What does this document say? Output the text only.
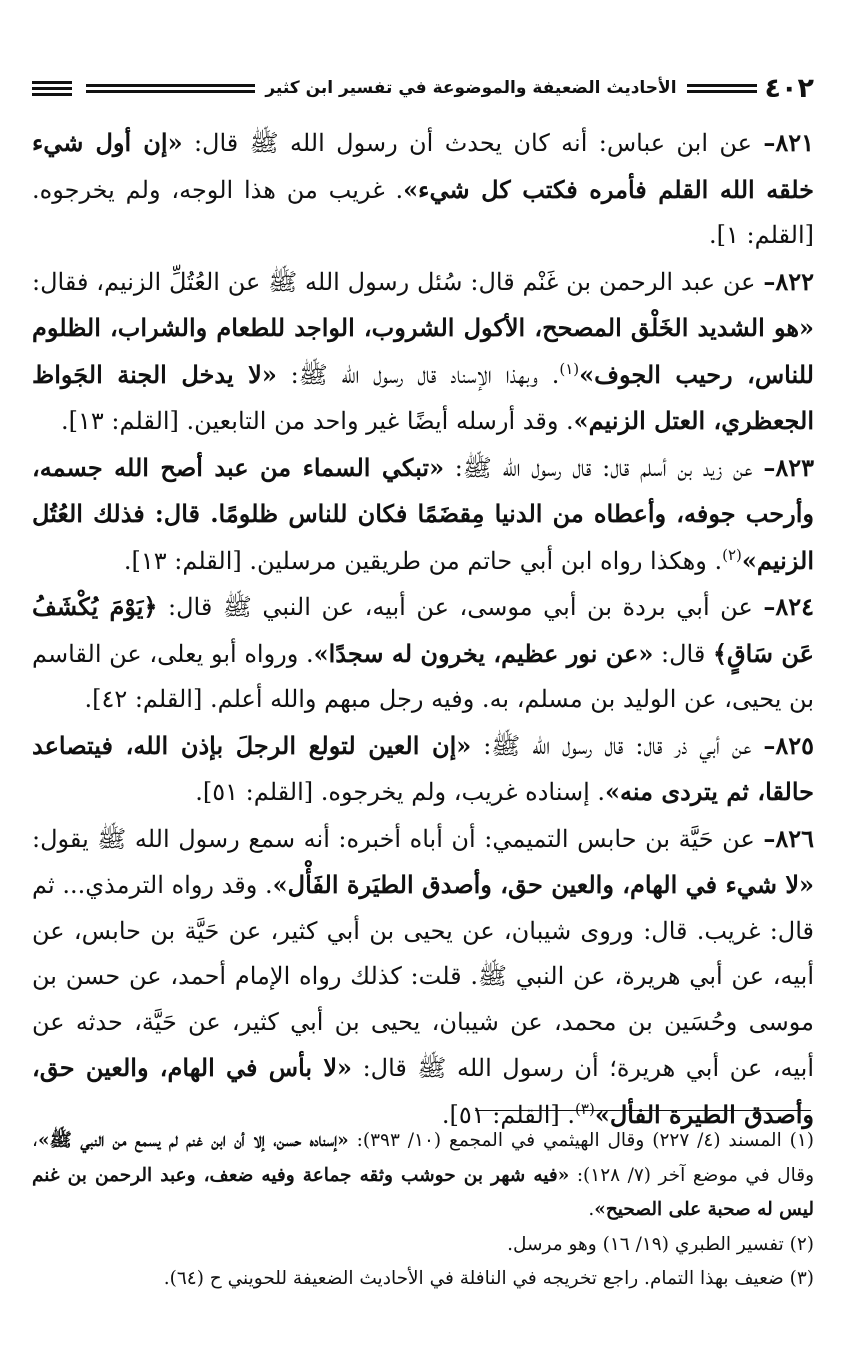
٤٠٢
الأحاديث الضعيفة والموضوعة في تفسير ابن كثير

٨٢١– عن ابن عباس: أنه كان يحدث أن رسول الله ﷺ قال: «إن أول شيء خلقه الله القلم فأمره فكتب كل شيء». غريب من هذا الوجه، ولم يخرجوه. [القلم: ١].

٨٢٢– عن عبد الرحمن بن غَنْم قال: سُئل رسول الله ﷺ عن العُتُلِّ الزنيم، فقال: «هو الشديد الخَلْق المصحح، الأكول الشروب، الواجد للطعام والشراب، الظلوم للناس، رحيب الجوف»$^{(١)}$. وبهذا الإسناد قال رسول الله ﷺ: «لا يدخل الجنة الجَواظ الجعظري، العتل الزنيم». وقد أرسله أيضًا غير واحد من التابعين. [القلم: ١٣].

٨٢٣– عن زيد بن أسلم قال: قال رسول الله ﷺ: «تبكي السماء من عبد أصح الله جسمه، وأرحب جوفه، وأعطاه من الدنيا مِقضَمًا فكان للناس ظلومًا. قال: فذلك العُتُل الزنيم»$^{(٢)}$. وهكذا رواه ابن أبي حاتم من طريقين مرسلين. [القلم: ١٣].

٨٢٤– عن أبي بردة بن أبي موسى، عن أبيه، عن النبي ﷺ قال: ﴿يَوْمَ يُكْشَفُ عَن سَاقٍ﴾ قال: «عن نور عظيم، يخرون له سجدًا». ورواه أبو يعلى، عن القاسم بن يحيى، عن الوليد بن مسلم، به. وفيه رجل مبهم والله أعلم. [القلم: ٤٢].

٨٢٥– عن أبي ذر قال: قال رسول الله ﷺ: «إن العين لتولع الرجلَ بإذن الله، فيتصاعد حالقا، ثم يتردى منه». إسناده غريب، ولم يخرجوه. [القلم: ٥١].

٨٢٦– عن حَيَّة بن حابس التميمي: أن أباه أخبره: أنه سمع رسول الله ﷺ يقول: «لا شيء في الهام، والعين حق، وأصدق الطيَرة الفَأْل». وقد رواه الترمذي... ثم قال: غريب. قال: وروى شيبان، عن يحيى بن أبي كثير، عن حَيَّة بن حابس، عن أبيه، عن أبي هريرة، عن النبي ﷺ. قلت: كذلك رواه الإمام أحمد، عن حسن بن موسى وحُسَين بن محمد، عن شيبان، يحيى بن أبي كثير، عن حَيَّة، حدثه عن أبيه، عن أبي هريرة؛ أن رسول الله ﷺ قال: «لا بأس في الهام، والعين حق، وأصدق الطيرة الفأل»$^{(٣)}$. [القلم: ٥١].

(١) المسند (٤/ ٢٢٧) وقال الهيثمي في المجمع (١٠/ ٣٩٣): «إسناده حسن، إلا أن ابن غنم لم يسمع من النبي ﷺ»، وقال في موضع آخر (٧/ ١٢٨): «فيه شهر بن حوشب وثقه جماعة وفيه ضعف، وعبد الرحمن بن غنم ليس له صحبة على الصحيح».

(٢) تفسير الطبري (١٩/ ١٦) وهو مرسل.

(٣) ضعيف بهذا التمام. راجع تخريجه في النافلة في الأحاديث الضعيفة للحويني ح (٦٤).
